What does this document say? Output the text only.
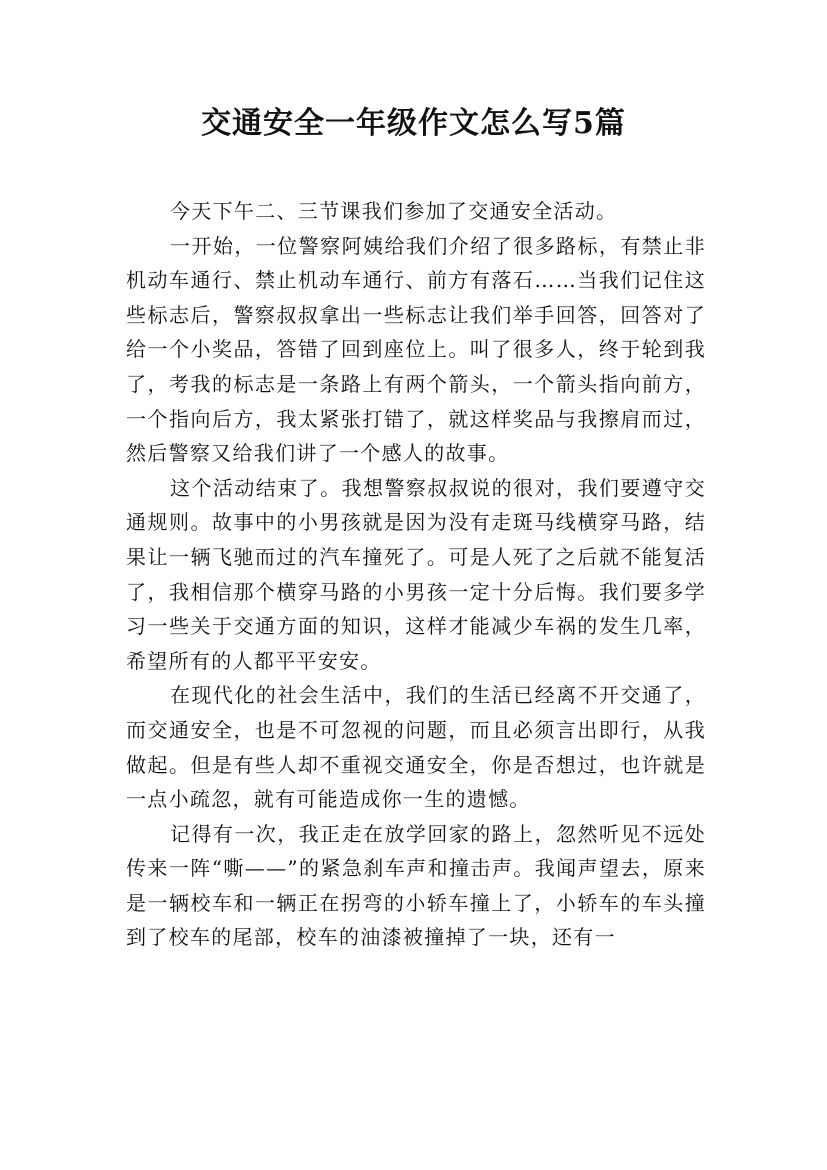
交通安全一年级作文怎么写5篇

今天下午二、三节课我们参加了交通安全活动。

一开始，一位警察阿姨给我们介绍了很多路标，有禁止非机动车通行、禁止机动车通行、前方有落石……当我们记住这些标志后，警察叔叔拿出一些标志让我们举手回答，回答对了给一个小奖品，答错了回到座位上。叫了很多人，终于轮到我了，考我的标志是一条路上有两个箭头，一个箭头指向前方，一个指向后方，我太紧张打错了，就这样奖品与我擦肩而过，然后警察又给我们讲了一个感人的故事。

这个活动结束了。我想警察叔叔说的很对，我们要遵守交通规则。故事中的小男孩就是因为没有走斑马线横穿马路，结果让一辆飞驰而过的汽车撞死了。可是人死了之后就不能复活了，我相信那个横穿马路的小男孩一定十分后悔。我们要多学习一些关于交通方面的知识，这样才能减少车祸的发生几率，希望所有的人都平平安安。

在现代化的社会生活中，我们的生活已经离不开交通了，而交通安全，也是不可忽视的问题，而且必须言出即行，从我做起。但是有些人却不重视交通安全，你是否想过，也许就是一点小疏忽，就有可能造成你一生的遗憾。

记得有一次，我正走在放学回家的路上，忽然听见不远处传来一阵“嘶——”的紧急刹车声和撞击声。我闻声望去，原来是一辆校车和一辆正在拐弯的小轿车撞上了，小轿车的车头撞到了校车的尾部，校车的油漆被撞掉了一块，还有一
